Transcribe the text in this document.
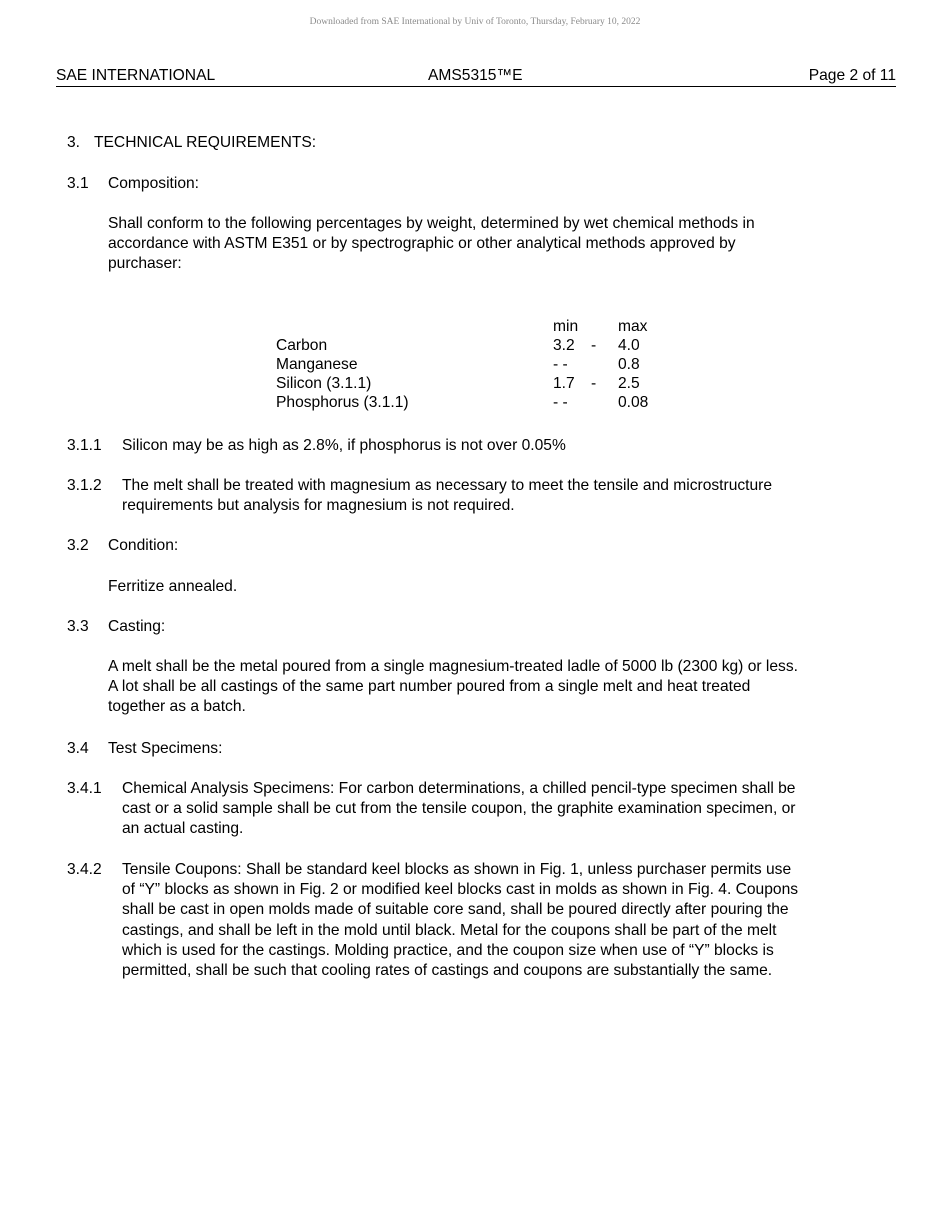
Downloaded from SAE International by Univ of Toronto, Thursday, February 10, 2022
SAE INTERNATIONAL	AMS5315™E	Page 2 of 11
3. TECHNICAL REQUIREMENTS:
3.1 Composition:
Shall conform to the following percentages by weight, determined by wet chemical methods in
accordance with ASTM E351 or by spectrographic or other analytical methods approved by
purchaser:
	min		max
Carbon	3.2	-	4.0
Manganese	- -		0.8
Silicon (3.1.1)	1.7	-	2.5
Phosphorus (3.1.1)	- -		0.08
3.1.1 Silicon may be as high as 2.8%, if phosphorus is not over 0.05%
3.1.2 The melt shall be treated with magnesium as necessary to meet the tensile and microstructure
requirements but analysis for magnesium is not required.
3.2 Condition:
Ferritize annealed.
3.3 Casting:
A melt shall be the metal poured from a single magnesium-treated ladle of 5000 lb (2300 kg) or less.
A lot shall be all castings of the same part number poured from a single melt and heat treated
together as a batch.
3.4 Test Specimens:
3.4.1 Chemical Analysis Specimens: For carbon determinations, a chilled pencil-type specimen shall be
cast or a solid sample shall be cut from the tensile coupon, the graphite examination specimen, or
an actual casting.
3.4.2 Tensile Coupons: Shall be standard keel blocks as shown in Fig. 1, unless purchaser permits use
of “Y” blocks as shown in Fig. 2 or modified keel blocks cast in molds as shown in Fig. 4. Coupons
shall be cast in open molds made of suitable core sand, shall be poured directly after pouring the
castings, and shall be left in the mold until black. Metal for the coupons shall be part of the melt
which is used for the castings. Molding practice, and the coupon size when use of “Y” blocks is
permitted, shall be such that cooling rates of castings and coupons are substantially the same.
